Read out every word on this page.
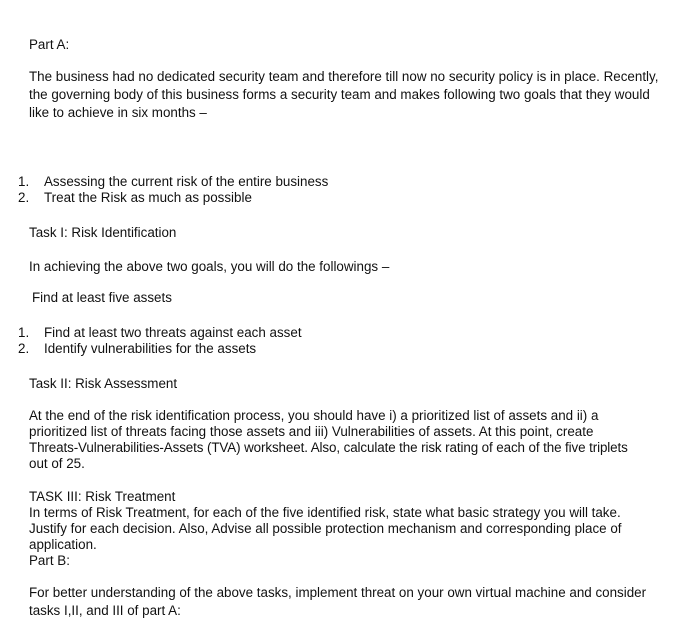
Part A:

The business had no dedicated security team and therefore till now no security policy is in place. Recently,

the governing body of this business forms a security team and makes following two goals that they would

like to achieve in six months –

1.	Assessing the current risk of the entire business
2.	Treat the Risk as much as possible

Task I: Risk Identification

In achieving the above two goals, you will do the followings –

Find at least five assets

1.	Find at least two threats against each asset
2.	Identify vulnerabilities for the assets

Task II: Risk Assessment

At the end of the risk identification process, you should have i) a prioritized list of assets and ii) a

prioritized list of threats facing those assets and iii) Vulnerabilities of assets. At this point, create

Threats-Vulnerabilities-Assets (TVA) worksheet. Also, calculate the risk rating of each of the five triplets

out of 25.

TASK III: Risk Treatment

In terms of Risk Treatment, for each of the five identified risk, state what basic strategy you will take.

Justify for each decision. Also, Advise all possible protection mechanism and corresponding place of

application.

Part B:

For better understanding of the above tasks, implement threat on your own virtual machine and consider

tasks I,II, and III of part A:
